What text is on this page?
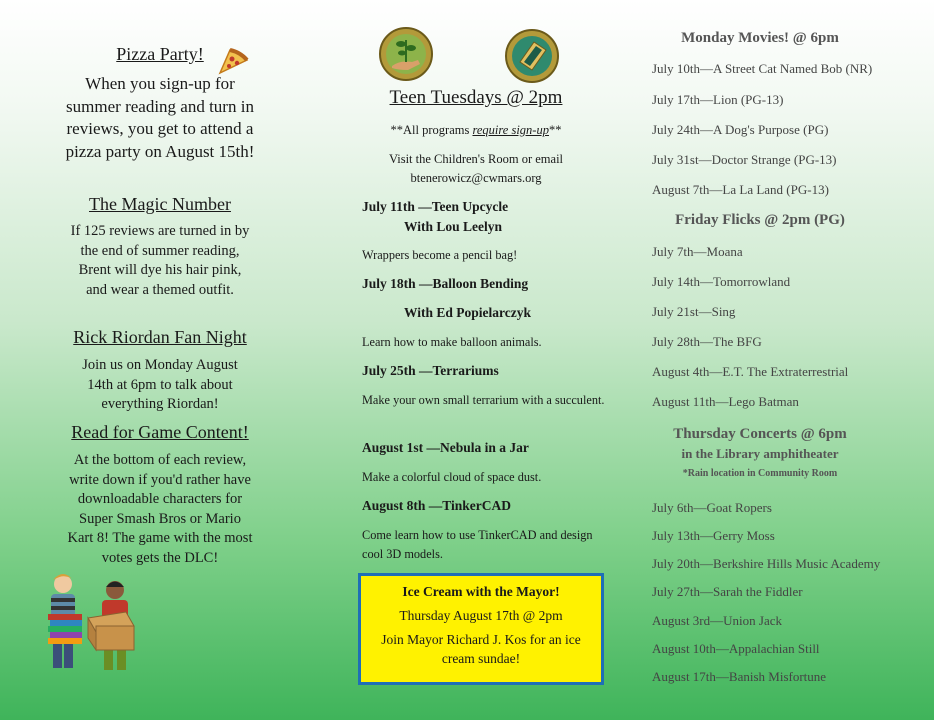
Pizza Party!
When you sign-up for summer reading and turn in reviews, you get to attend a pizza party on August 15th!
The Magic Number
If 125 reviews are turned in by the end of summer reading, Brent will dye his hair pink, and wear a themed outfit.
Rick Riordan Fan Night
Join us on Monday August 14th at 6pm to talk about everything Riordan!
Read for Game Content!
At the bottom of each review, write down if you'd rather have downloadable characters for Super Smash Bros or Mario Kart 8! The game with the most votes gets the DLC!
Teen Tuesdays @ 2pm
**All programs require sign-up**
Visit the Children's Room or email
btenerowicz@cwmars.org
July 11th —Teen Upcycle
With Lou Leelyn
Wrappers become a pencil bag!
July 18th —Balloon Bending
With Ed Popielarczyk
Learn how to make balloon animals.
July 25th —Terrariums
Make your own small terrarium with a succulent.
August 1st —Nebula in a Jar
Make a colorful cloud of space dust.
August 8th —TinkerCAD
Come learn how to use TinkerCAD and design cool 3D models.
Ice Cream with the Mayor!
Thursday August 17th @ 2pm
Join Mayor Richard J. Kos for an ice cream sundae!
Monday Movies! @ 6pm
July 10th—A Street Cat Named Bob (NR)
July 17th—Lion (PG-13)
July 24th—A Dog's Purpose (PG)
July 31st—Doctor Strange (PG-13)
August 7th—La La Land (PG-13)
Friday Flicks @ 2pm (PG)
July 7th—Moana
July 14th—Tomorrowland
July 21st—Sing
July 28th—The BFG
August 4th—E.T. The Extraterrestrial
August 11th—Lego Batman
Thursday Concerts @ 6pm
in the Library amphitheater
*Rain location in Community Room
July 6th—Goat Ropers
July 13th—Gerry Moss
July 20th—Berkshire Hills Music Academy
July 27th—Sarah the Fiddler
August 3rd—Union Jack
August 10th—Appalachian Still
August 17th—Banish Misfortune
